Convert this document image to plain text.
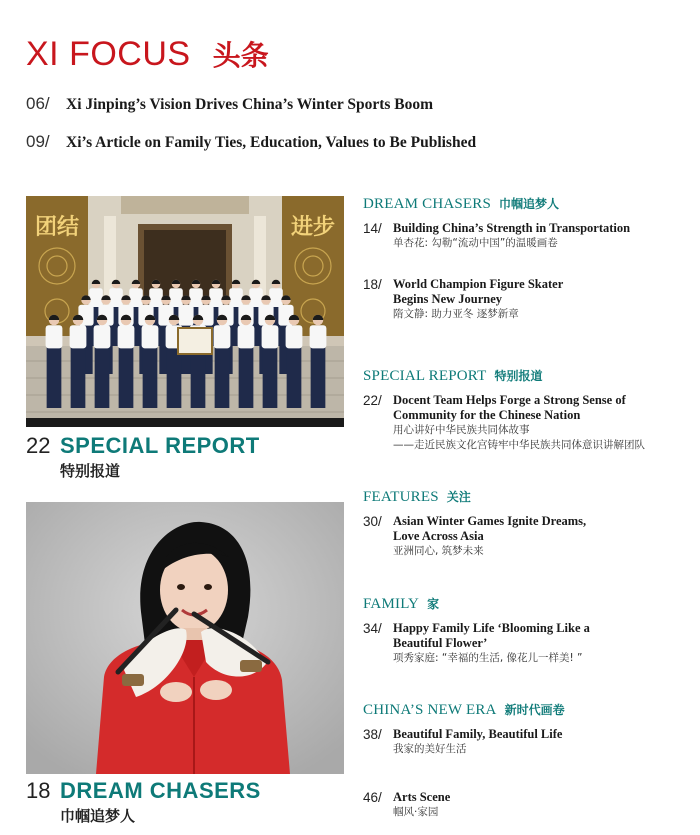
XI FOCUS 头条
06/	Xi Jinping’s Vision Drives China’s Winter Sports Boom
09/	Xi’s Article on Family Ties, Education, Values to Be Published
团结	进步
22 SPECIAL REPORT
特别报道
18 DREAM CHASERS
巾帼追梦人
DREAM CHASERS 巾帼追梦人
14/ Building China’s Strength in Transportation
单杏花: 勾勒“流动中国”的温暖画卷
18/ World Champion Figure Skater Begins New Journey
隋文静: 助力亚冬 逐梦新章
SPECIAL REPORT 特别报道
22/ Docent Team Helps Forge a Strong Sense of Community for the Chinese Nation
用心讲好中华民族共同体故事
——走近民族文化宫铸牢中华民族共同体意识讲解团队
FEATURES 关注
30/ Asian Winter Games Ignite Dreams, Love Across Asia
亚洲同心, 筑梦未来
FAMILY 家
34/ Happy Family Life ‘Blooming Like a Beautiful Flower’
项秀家庭: “幸福的生活, 像花儿一样美! ”
CHINA’S NEW ERA 新时代画卷
38/ Beautiful Family, Beautiful Life
我家的美好生活
46/ Arts Scene
帼风·家园
